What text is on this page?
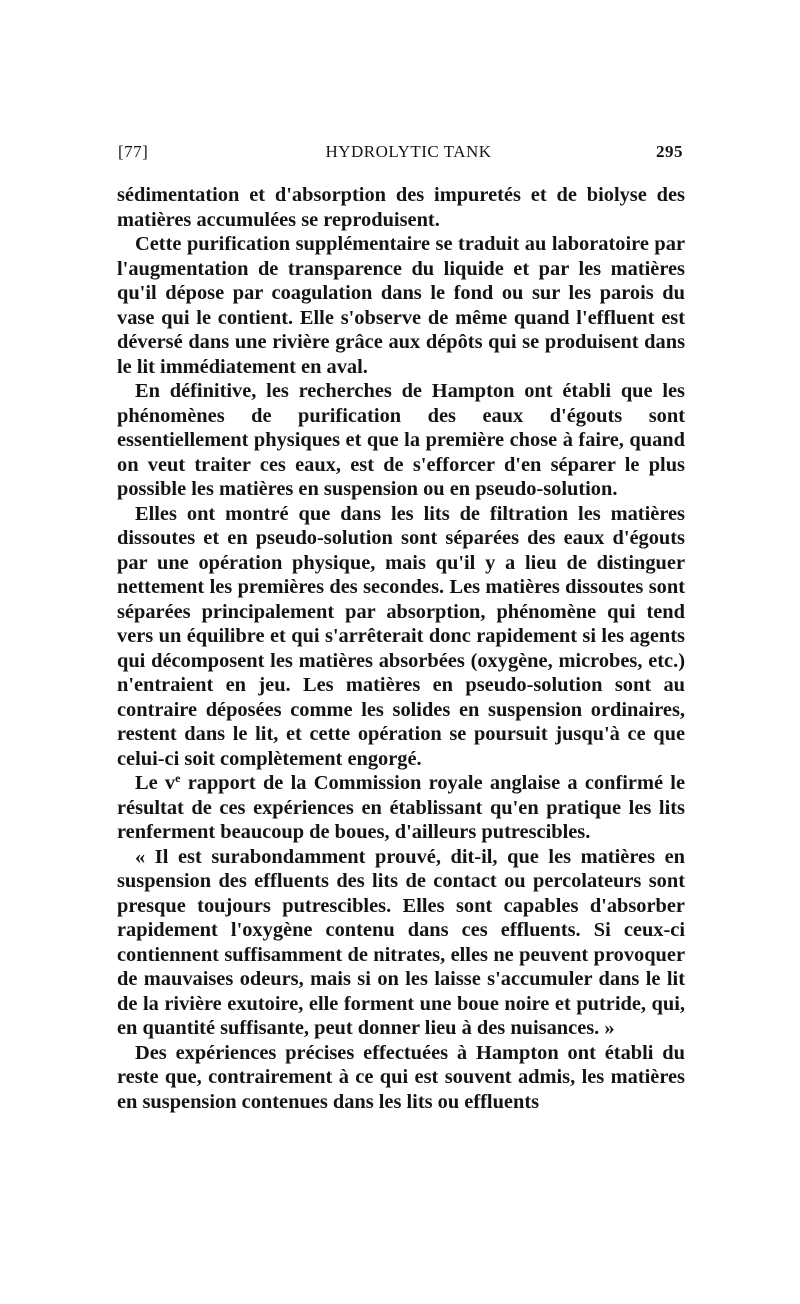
[77]	HYDROLYTIC TANK	295

sédimentation et d'absorption des impuretés et de biolyse des matières accumulées se reproduisent.

Cette purification supplémentaire se traduit au laboratoire par l'augmentation de transparence du liquide et par les matières qu'il dépose par coagulation dans le fond ou sur les parois du vase qui le contient. Elle s'observe de même quand l'effluent est déversé dans une rivière grâce aux dépôts qui se produisent dans le lit immédiatement en aval.

En définitive, les recherches de Hampton ont établi que les phénomènes de purification des eaux d'égouts sont essentiellement physiques et que la première chose à faire, quand on veut traiter ces eaux, est de s'efforcer d'en séparer le plus possible les matières en suspension ou en pseudo-solution.

Elles ont montré que dans les lits de filtration les matières dissoutes et en pseudo-solution sont séparées des eaux d'égouts par une opération physique, mais qu'il y a lieu de distinguer nettement les premières des secondes. Les matières dissoutes sont séparées principalement par absorption, phénomène qui tend vers un équilibre et qui s'arrêterait donc rapidement si les agents qui décomposent les matières absorbées (oxygène, microbes, etc.) n'entraient en jeu. Les matières en pseudo-solution sont au contraire déposées comme les solides en suspension ordinaires, restent dans le lit, et cette opération se poursuit jusqu'à ce que celui-ci soit complètement engorgé.

Le $v^e$ rapport de la Commission royale anglaise a confirmé le résultat de ces expériences en établissant qu'en pratique les lits renferment beaucoup de boues, d'ailleurs putrescibles.

« Il est surabondamment prouvé, dit-il, que les matières en suspension des effluents des lits de contact ou percolateurs sont presque toujours putrescibles. Elles sont capables d'absorber rapidement l'oxygène contenu dans ces effluents. Si ceux-ci contiennent suffisamment de nitrates, elles ne peuvent provoquer de mauvaises odeurs, mais si on les laisse s'accumuler dans le lit de la rivière exutoire, elle forment une boue noire et putride, qui, en quantité suffisante, peut donner lieu à des nuisances. »

Des expériences précises effectuées à Hampton ont établi du reste que, contrairement à ce qui est souvent admis, les matières en suspension contenues dans les lits ou effluents
